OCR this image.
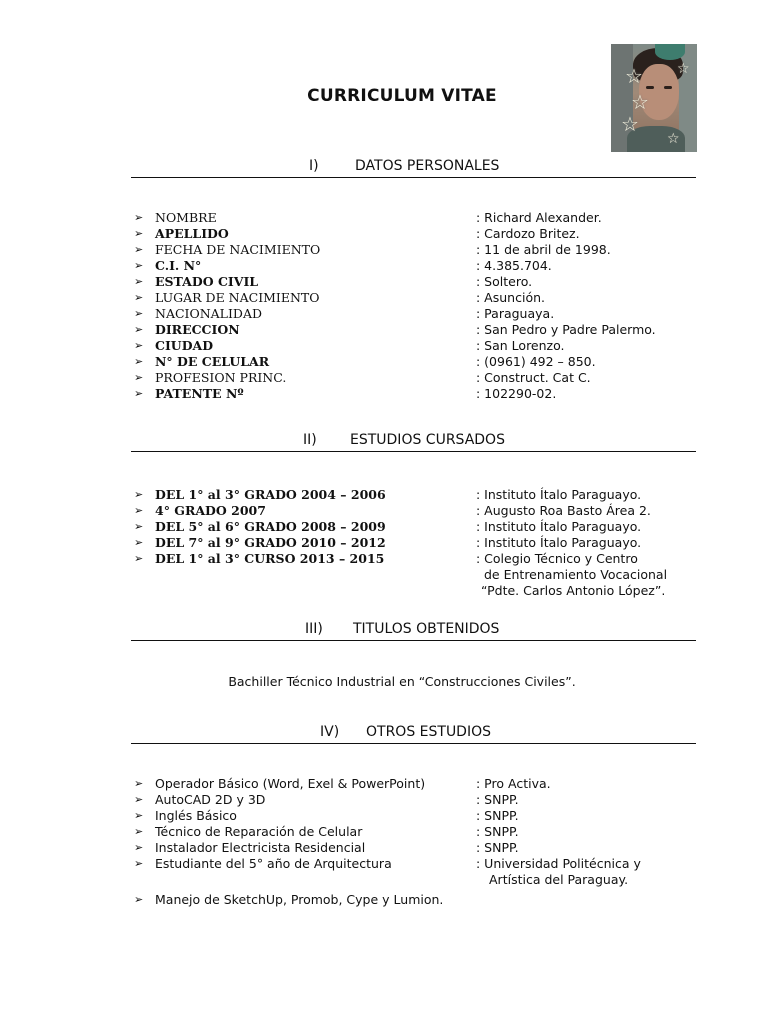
CURRICULUM VITAE
☆
☆
☆
☆
☆
I)	DATOS PERSONALES
➢ NOMBRE	: Richard Alexander.
➢ APELLIDO	: Cardozo Britez.
➢ FECHA DE NACIMIENTO	: 11 de abril de 1998.
➢ C.I. N°	: 4.385.704.
➢ ESTADO CIVIL	: Soltero.
➢ LUGAR DE NACIMIENTO	: Asunción.
➢ NACIONALIDAD	: Paraguaya.
➢ DIRECCION	: San Pedro y Padre Palermo.
➢ CIUDAD	: San Lorenzo.
➢ N° DE CELULAR	: (0961) 492 – 850.
➢ PROFESION PRINC.	: Construct. Cat C.
➢ PATENTE Nº	: 102290-02.
II) ESTUDIOS CURSADOS
➢ DEL 1° al 3° GRADO 2004 – 2006	: Instituto Ítalo Paraguayo.
➢ 4° GRADO 2007	: Augusto Roa Basto Área 2.
➢ DEL 5° al 6° GRADO 2008 – 2009	: Instituto Ítalo Paraguayo.
➢ DEL 7° al 9° GRADO 2010 – 2012	: Instituto Ítalo Paraguayo.
➢ DEL 1° al 3° CURSO 2013 – 2015	: Colegio Técnico y Centro
de Entrenamiento Vocacional
“Pdte. Carlos Antonio López”.
III) TITULOS OBTENIDOS
Bachiller Técnico Industrial en “Construcciones Civiles”.
IV) OTROS ESTUDIOS
➢ Operador Básico (Word, Exel & PowerPoint)	: Pro Activa.
➢ AutoCAD 2D y 3D	: SNPP.
➢ Inglés Básico	: SNPP.
➢ Técnico de Reparación de Celular	: SNPP.
➢ Instalador Electricista Residencial	: SNPP.
➢ Estudiante del 5° año de Arquitectura	: Universidad Politécnica y
Artística del Paraguay.
➢ Manejo de SketchUp, Promob, Cype y Lumion.
